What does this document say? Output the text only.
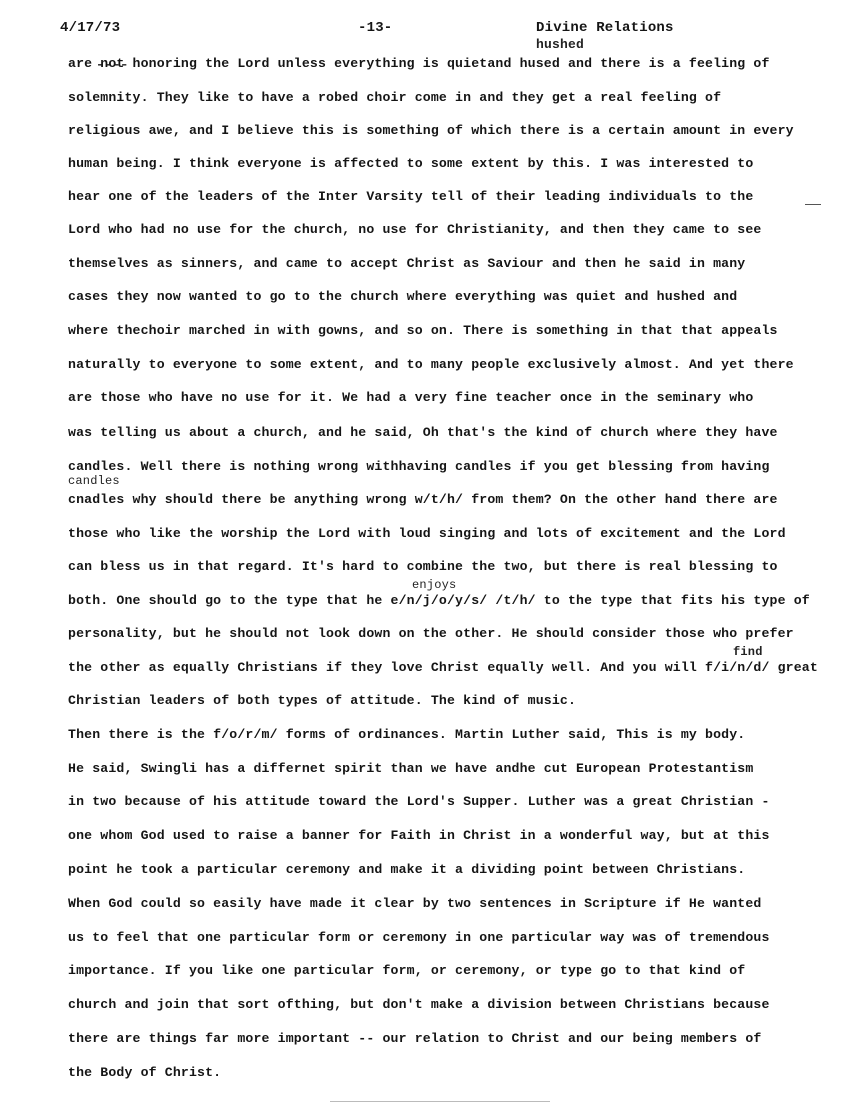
4/17/73	-13-	Divine Relations
hushed
candles
enjoys
find
are ̵n̵o̵t̵ honoring the Lord unless everything is quietand hused and there is a feeling of
solemnity. They like to have a robed choir come in and they get a real feeling of
religious awe, and I believe this is something of which there is a certain amount in every
human being. I think everyone is affected to some extent by this. I was interested to
hear one of the leaders of the Inter Varsity tell of their leading individuals to the
Lord who had no use for the church, no use for Christianity, and then they came to see
themselves as sinners, and came to accept Christ as Saviour and then he said in many
cases they now wanted to go to the church where everything was quiet and hushed and
where thechoir marched in with gowns, and so on. There is something in that that appeals
naturally to everyone to some extent, and to many people exclusively almost. And yet there
are those who have no use for it. We had a very fine teacher once in the seminary who
was telling us about a church, and he said, Oh that's the kind of church where they have
candles. Well there is nothing wrong withhaving candles if you get blessing from having
cnadles why should there be anything wrong w/t/h/ from them? On the other hand there are
those who like the worship the Lord with loud singing and lots of excitement and the Lord
can bless us in that regard. It's hard to combine the two, but there is real blessing to
both. One should go to the type that he e/n/j/o/y/s/ /t/h/ to the type that fits his type of
personality, but he should not look down on the other. He should consider those who prefer
the other as equally Christians if they love Christ equally well. And you will f/i/n/d/ great
Christian leaders of both types of attitude. The kind of music.
Then there is the f/o/r/m/ forms of ordinances. Martin Luther said, This is my body.
He said, Swingli has a differnet spirit than we have andhe cut European Protestantism
in two because of his attitude toward the Lord's Supper. Luther was a great Christian -
one whom God used to raise a banner for Faith in Christ in a wonderful way, but at this
point he took a particular ceremony and make it a dividing point between Christians.
When God could so easily have made it clear by two sentences in Scripture if He wanted
us to feel that one particular form or ceremony in one particular way was of tremendous
importance. If you like one particular form, or ceremony, or type go to that kind of
church and join that sort ofthing, but don't make a division between Christians because
there are things far more important -- our relation to Christ and our being members of
the Body of Christ.
